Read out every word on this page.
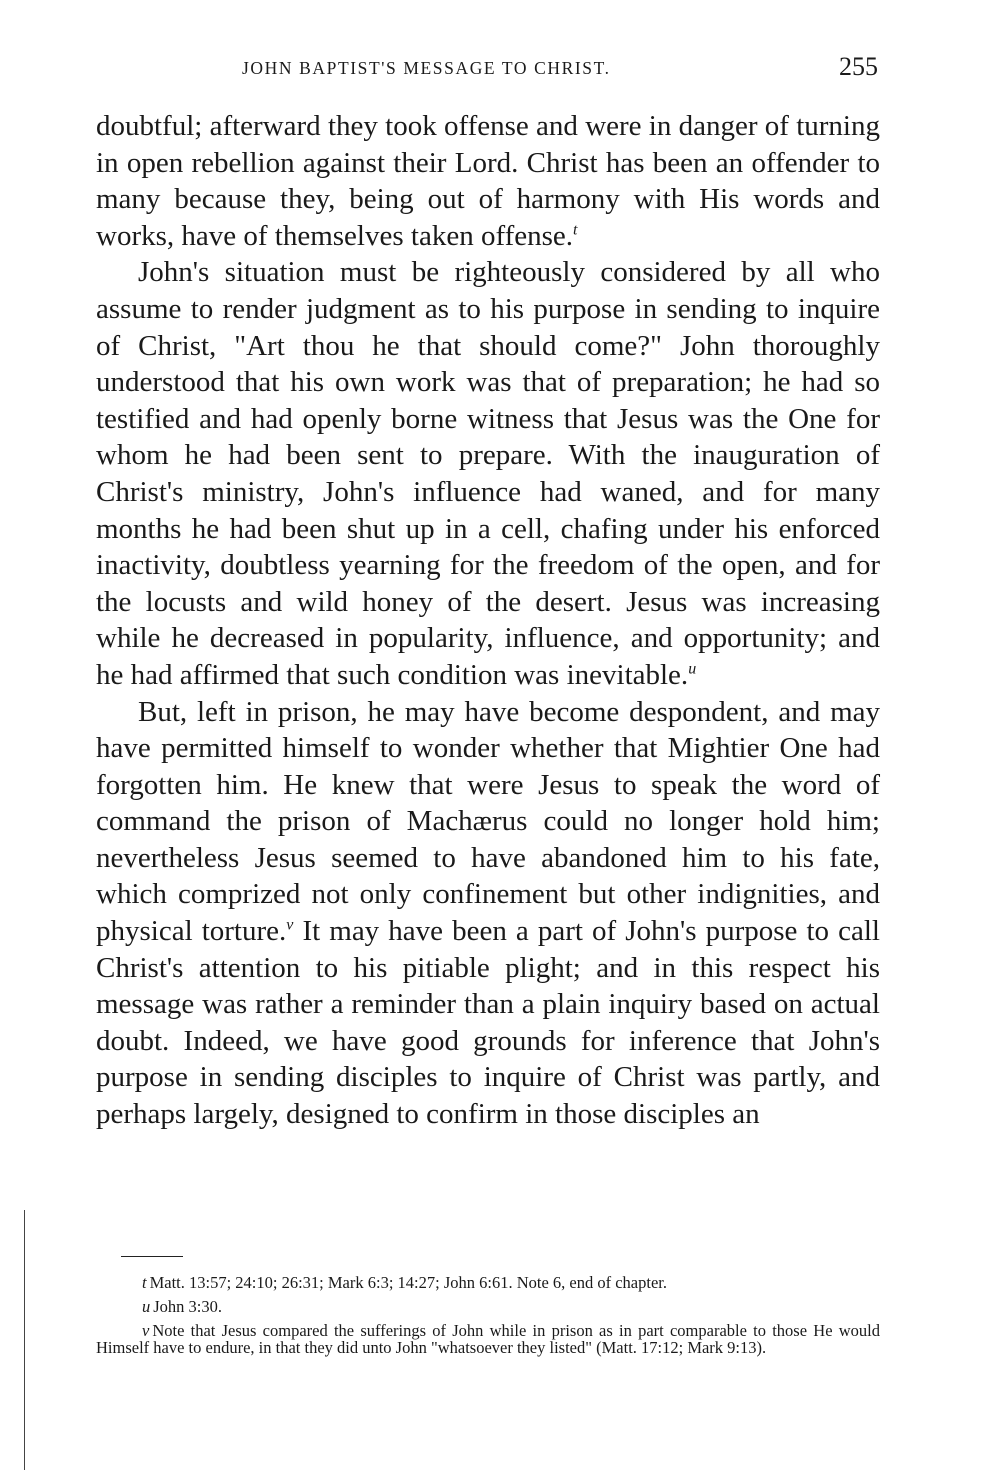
JOHN BAPTIST'S MESSAGE TO CHRIST.	255

doubtful; afterward they took offense and were in danger of turning in open rebellion against their Lord. Christ has been an offender to many because they, being out of harmony with His words and works, have of themselves taken offense.$^t$

John's situation must be righteously considered by all who assume to render judgment as to his purpose in sending to inquire of Christ, "Art thou he that should come?" John thoroughly understood that his own work was that of preparation; he had so testified and had openly borne witness that Jesus was the One for whom he had been sent to prepare. With the inauguration of Christ's ministry, John's influence had waned, and for many months he had been shut up in a cell, chafing under his enforced inactivity, doubtless yearning for the freedom of the open, and for the locusts and wild honey of the desert. Jesus was increasing while he decreased in popularity, influence, and opportunity; and he had affirmed that such condition was inevitable.$^u$

But, left in prison, he may have become despondent, and may have permitted himself to wonder whether that Mightier One had forgotten him. He knew that were Jesus to speak the word of command the prison of Machærus could no longer hold him; nevertheless Jesus seemed to have abandoned him to his fate, which comprized not only confinement but other indignities, and physical torture.$^v$ It may have been a part of John's purpose to call Christ's attention to his pitiable plight; and in this respect his message was rather a reminder than a plain inquiry based on actual doubt. Indeed, we have good grounds for inference that John's purpose in sending disciples to inquire of Christ was partly, and perhaps largely, designed to confirm in those disciples an

t Matt. 13:57; 24:10; 26:31; Mark 6:3; 14:27; John 6:61. Note 6, end of chapter.

u John 3:30.

v Note that Jesus compared the sufferings of John while in prison as in part comparable to those He would Himself have to endure, in that they did unto John "whatsoever they listed" (Matt. 17:12; Mark 9:13).
